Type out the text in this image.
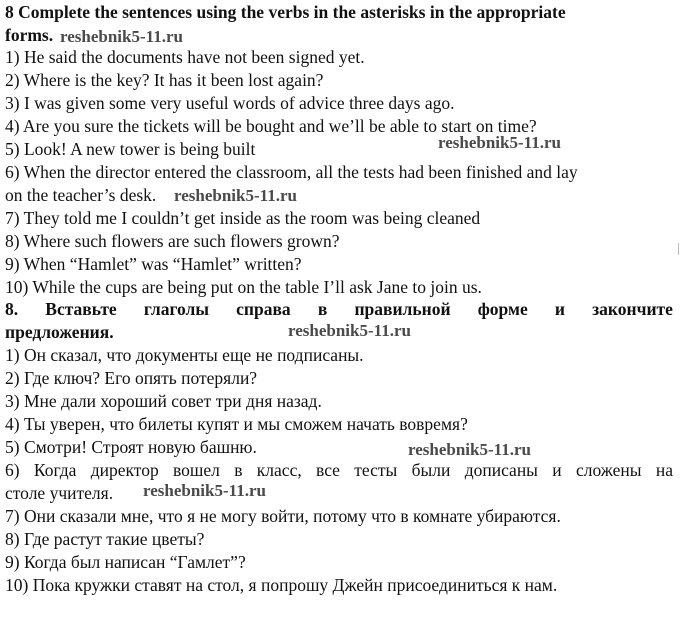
8 Complete the sentences using the verbs in the asterisks in the appropriate
forms.
1) He said the documents have not been signed yet.
2) Where is the key? It has it been lost again?
3) I was given some very useful words of advice three days ago.
4) Are you sure the tickets will be bought and we’ll be able to start on time?
5) Look! A new tower is being built
6) When the director entered the classroom, all the tests had been finished and lay
on the teacher’s desk.
7) They told me I couldn’t get inside as the room was being cleaned
8) Where such flowers are such flowers grown?
9) When “Hamlet” was “Hamlet” written?
10) While the cups are being put on the table I’ll ask Jane to join us.
8. Вставьте глаголы справа в правильной форме и закончите
предложения.
1) Он сказал, что документы еще не подписаны.
2) Где ключ? Его опять потеряли?
3) Мне дали хороший совет три дня назад.
4) Ты уверен, что билеты купят и мы сможем начать вовремя?
5) Смотри! Строят новую башню.
6) Когда директор вошел в класс, все тесты были дописаны и сложены на
столе учителя.
7) Они сказали мне, что я не могу войти, потому что в комнате убираются.
8) Где растут такие цветы?
9) Когда был написан “Гамлет”?
10) Пока кружки ставят на стол, я попрошу Джейн присоединиться к нам.
reshebnik5-11.ru
reshebnik5-11.ru
reshebnik5-11.ru
reshebnik5-11.ru
reshebnik5-11.ru
reshebnik5-11.ru
